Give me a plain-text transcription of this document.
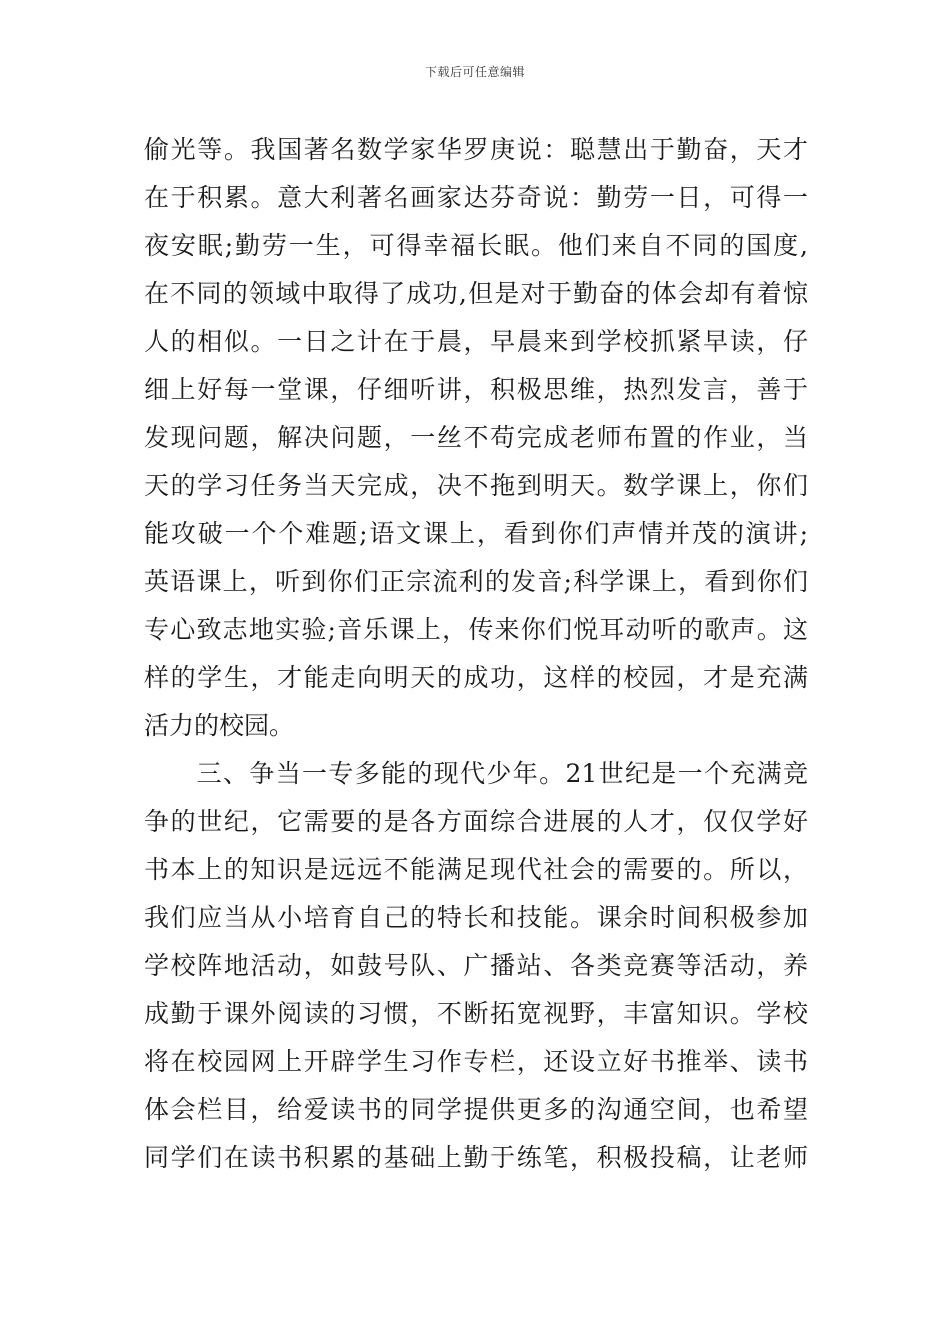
下载后可任意编辑
偷光等。我国著名数学家华罗庚说：聪慧出于勤奋，天才
在于积累。意大利著名画家达芬奇说：勤劳一日，可得一
夜安眠;勤劳一生，可得幸福长眠。他们来自不同的国度,
在不同的领域中取得了成功,但是对于勤奋的体会却有着惊
人的相似。一日之计在于晨，早晨来到学校抓紧早读，仔
细上好每一堂课，仔细听讲，积极思维，热烈发言，善于
发现问题，解决问题，一丝不苟完成老师布置的作业，当
天的学习任务当天完成，决不拖到明天。数学课上，你们
能攻破一个个难题;语文课上，看到你们声情并茂的演讲;
英语课上，听到你们正宗流利的发音;科学课上，看到你们
专心致志地实验;音乐课上，传来你们悦耳动听的歌声。这
样的学生，才能走向明天的成功，这样的校园，才是充满
活力的校园。
　　三、争当一专多能的现代少年。21世纪是一个充满竞
争的世纪，它需要的是各方面综合进展的人才，仅仅学好
书本上的知识是远远不能满足现代社会的需要的。所以，
我们应当从小培育自己的特长和技能。课余时间积极参加
学校阵地活动，如鼓号队、广播站、各类竞赛等活动，养
成勤于课外阅读的习惯，不断拓宽视野，丰富知识。学校
将在校园网上开辟学生习作专栏，还设立好书推举、读书
体会栏目，给爱读书的同学提供更多的沟通空间，也希望
同学们在读书积累的基础上勤于练笔，积极投稿，让老师
